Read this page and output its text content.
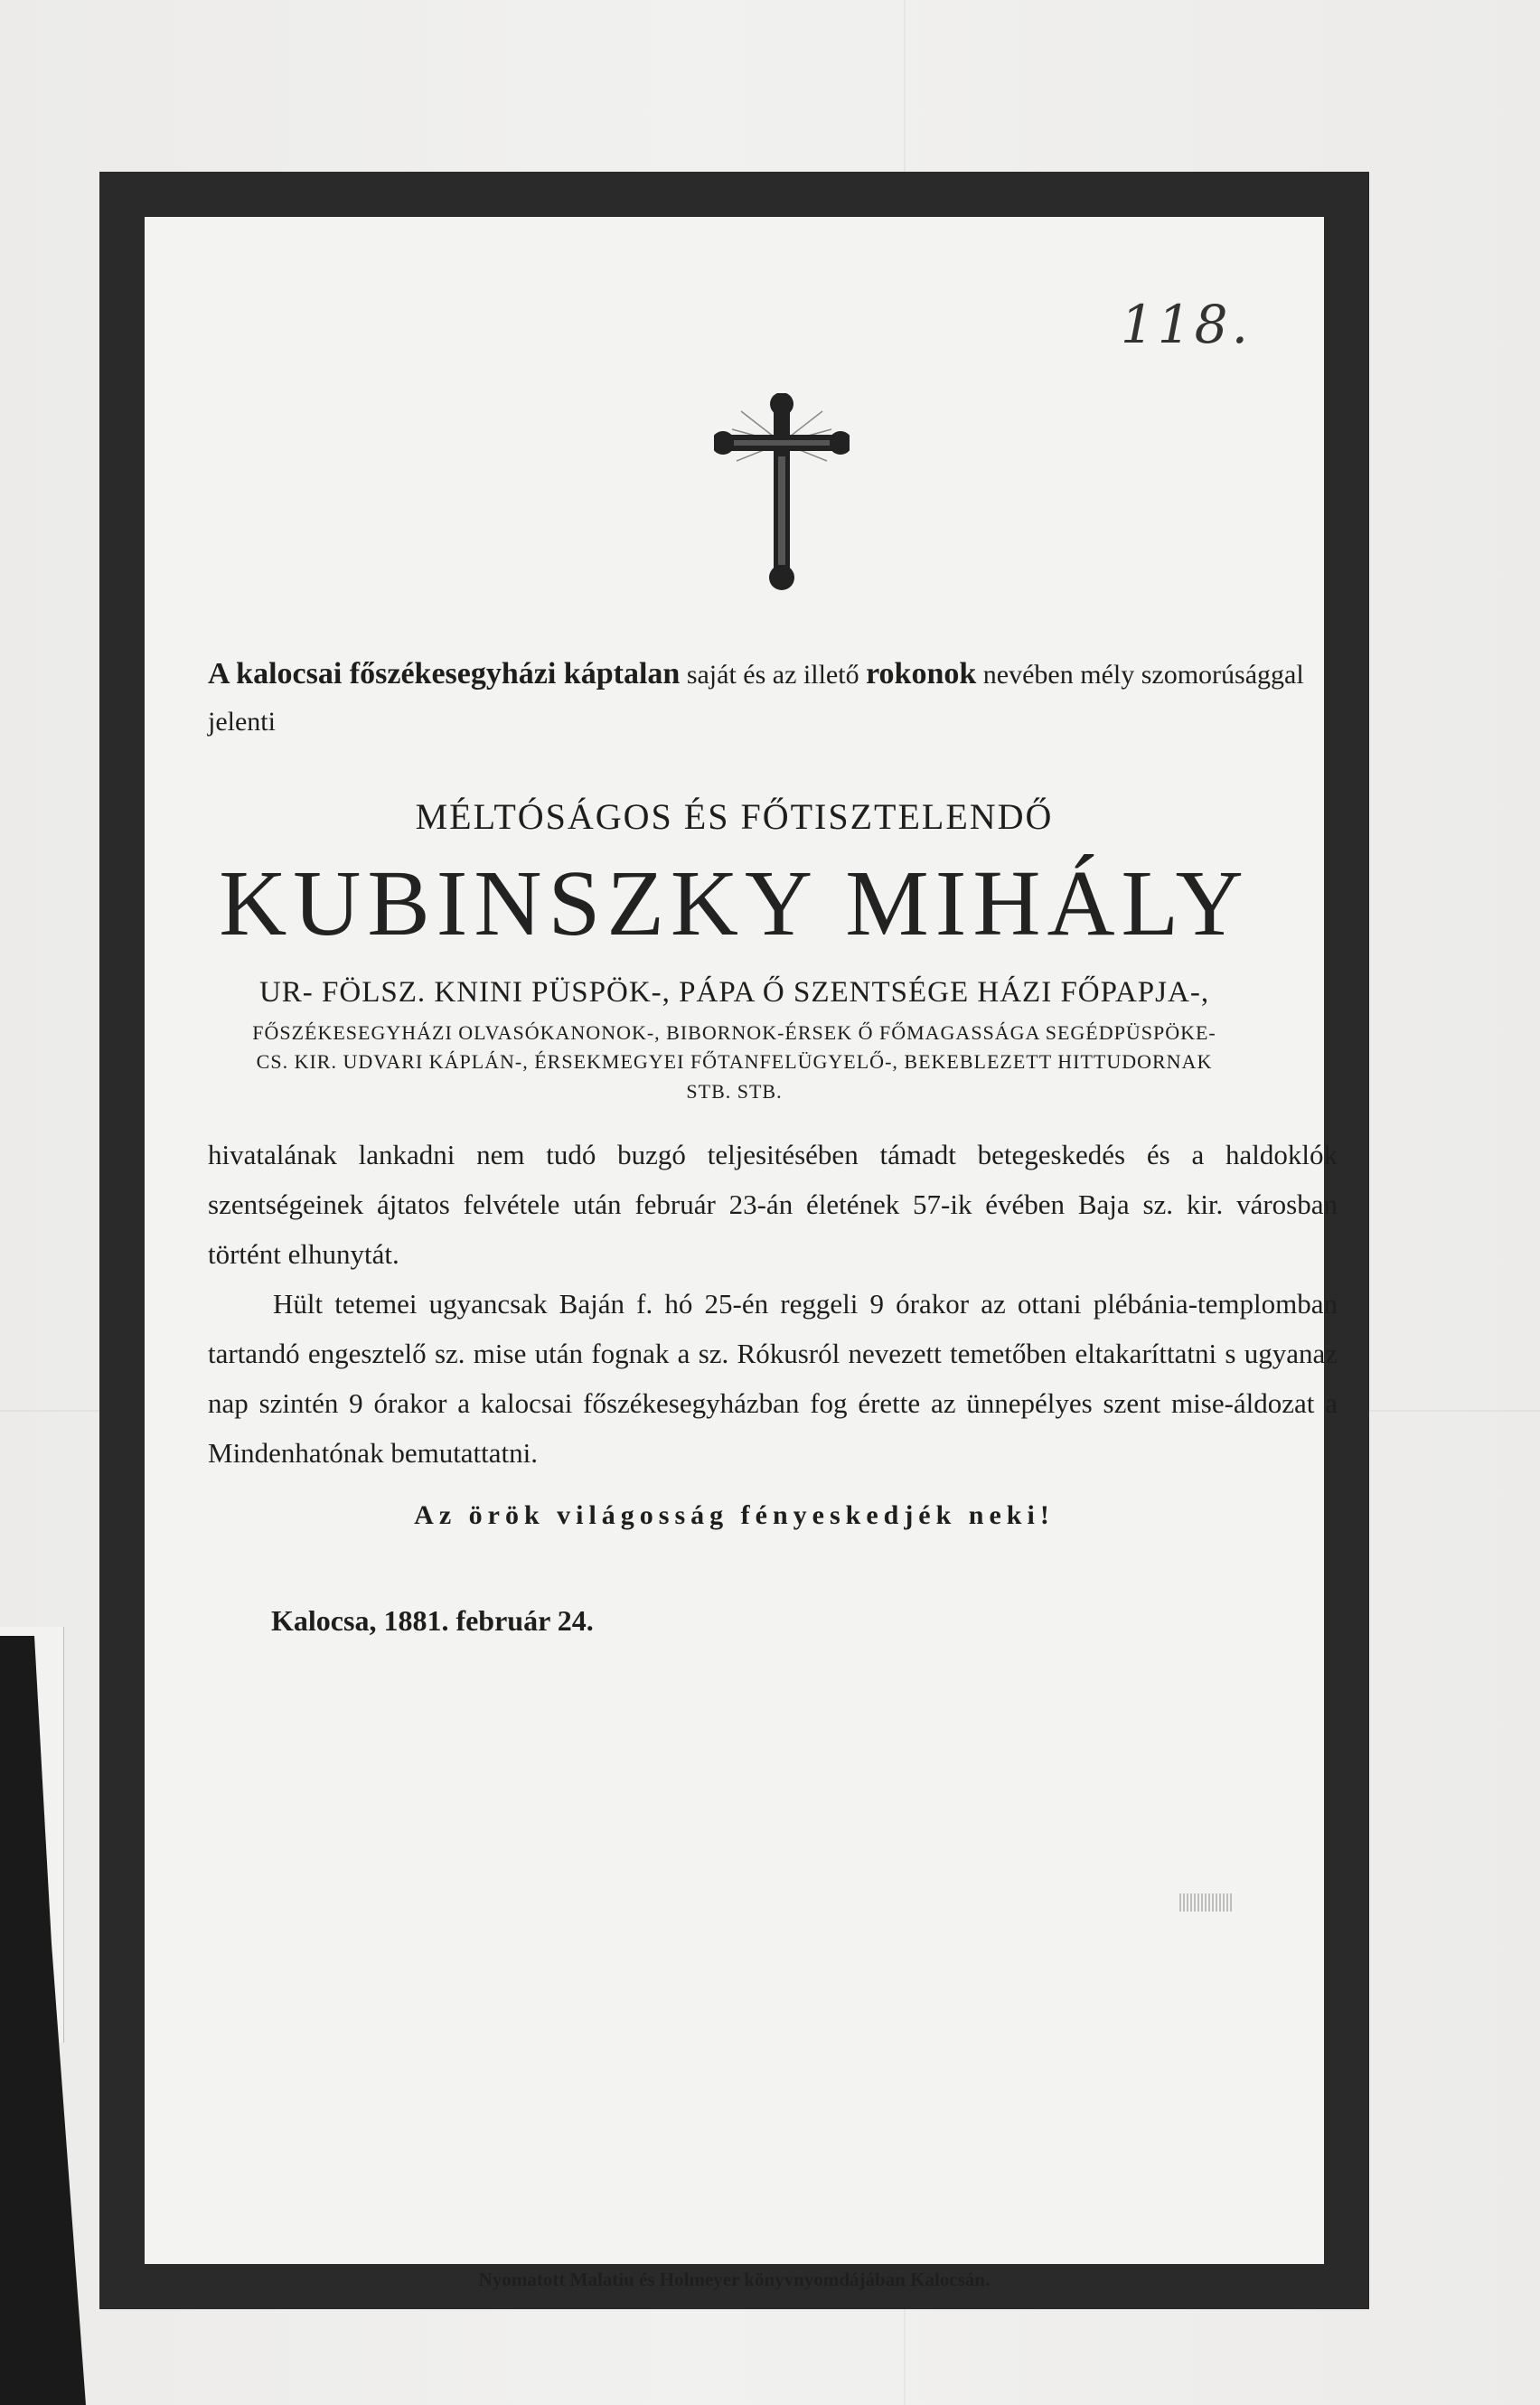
118.
A kalocsai főszékesegyházi káptalan saját és az illető rokonok nevében mély szomorúsággal jelenti
MÉLTÓSÁGOS ÉS FŐTISZTELENDŐ
KUBINSZKY MIHÁLY
UR- FÖLSZ. KNINI PÜSPÖK-, PÁPA Ő SZENTSÉGE HÁZI FŐPAPJA-,
FŐSZÉKESEGYHÁZI OLVASÓKANONOK-, BIBORNOK-ÉRSEK Ő FŐMAGASSÁGA SEGÉDPÜSPÖKE-
CS. KIR. UDVARI KÁPLÁN-, ÉRSEKMEGYEI FŐTANFELÜGYELŐ-, BEKEBLEZETT HITTUDORNAK
STB. STB.

hivatalának lankadni nem tudó buzgó teljesitésében támadt betegeskedés és a haldoklók szentségeinek ájtatos felvétele után február 23-án életének 57-ik évében Baja sz. kir. városban történt elhunytát.

Hült tetemei ugyancsak Baján f. hó 25-én reggeli 9 órakor az ottani plébánia-templomban tartandó engesztelő sz. mise után fognak a sz. Rókusról nevezett temetőben eltakaríttatni s ugyanaz nap szintén 9 órakor a kalocsai főszékesegyházban fog érette az ünnepélyes szent mise-áldozat a Mindenhatónak bemutattatni.

Az örök világosság fényeskedjék neki!
Kalocsa, 1881. február 24.
Nyomatott Malatiu és Holmeyer könyvnyomdájában Kalocsán.
